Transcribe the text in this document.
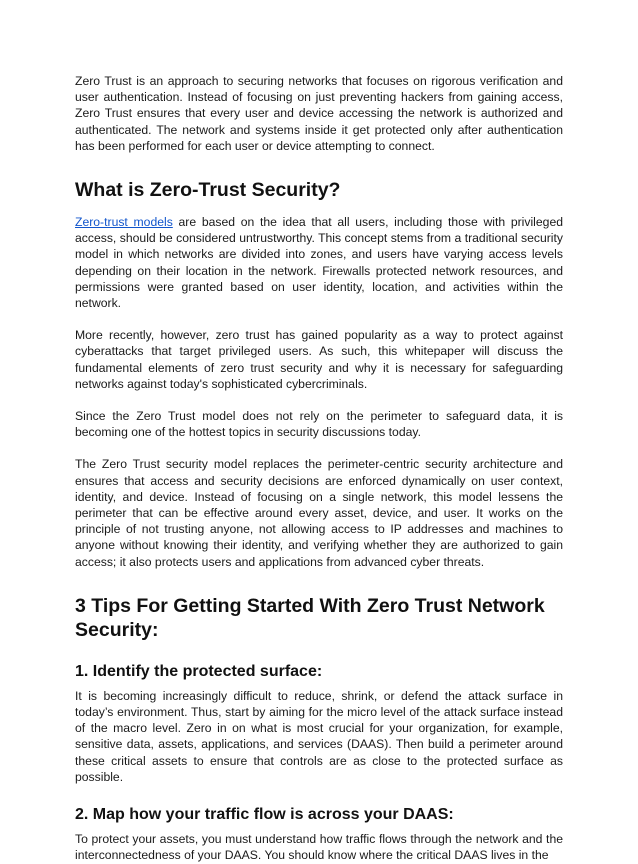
Zero Trust is an approach to securing networks that focuses on rigorous verification and user authentication. Instead of focusing on just preventing hackers from gaining access, Zero Trust ensures that every user and device accessing the network is authorized and authenticated. The network and systems inside it get protected only after authentication has been performed for each user or device attempting to connect.

What is Zero-Trust Security?

Zero-trust models are based on the idea that all users, including those with privileged access, should be considered untrustworthy. This concept stems from a traditional security model in which networks are divided into zones, and users have varying access levels depending on their location in the network. Firewalls protected network resources, and permissions were granted based on user identity, location, and activities within the network.

More recently, however, zero trust has gained popularity as a way to protect against cyberattacks that target privileged users. As such, this whitepaper will discuss the fundamental elements of zero trust security and why it is necessary for safeguarding networks against today's sophisticated cybercriminals.

Since the Zero Trust model does not rely on the perimeter to safeguard data, it is becoming one of the hottest topics in security discussions today.

The Zero Trust security model replaces the perimeter-centric security architecture and ensures that access and security decisions are enforced dynamically on user context, identity, and device. Instead of focusing on a single network, this model lessens the perimeter that can be effective around every asset, device, and user. It works on the principle of not trusting anyone, not allowing access to IP addresses and machines to anyone without knowing their identity, and verifying whether they are authorized to gain access; it also protects users and applications from advanced cyber threats.

3 Tips For Getting Started With Zero Trust Network Security:
1. Identify the protected surface:

It is becoming increasingly difficult to reduce, shrink, or defend the attack surface in today’s environment. Thus, start by aiming for the micro level of the attack surface instead of the macro level. Zero in on what is most crucial for your organization, for example, sensitive data, assets, applications, and services (DAAS). Then build a perimeter around these critical assets to ensure that controls are as close to the protected surface as possible.

2. Map how your traffic flow is across your DAAS:

To protect your assets, you must understand how traffic flows through the network and the interconnectedness of your DAAS. You should know where the critical DAAS lives in the
